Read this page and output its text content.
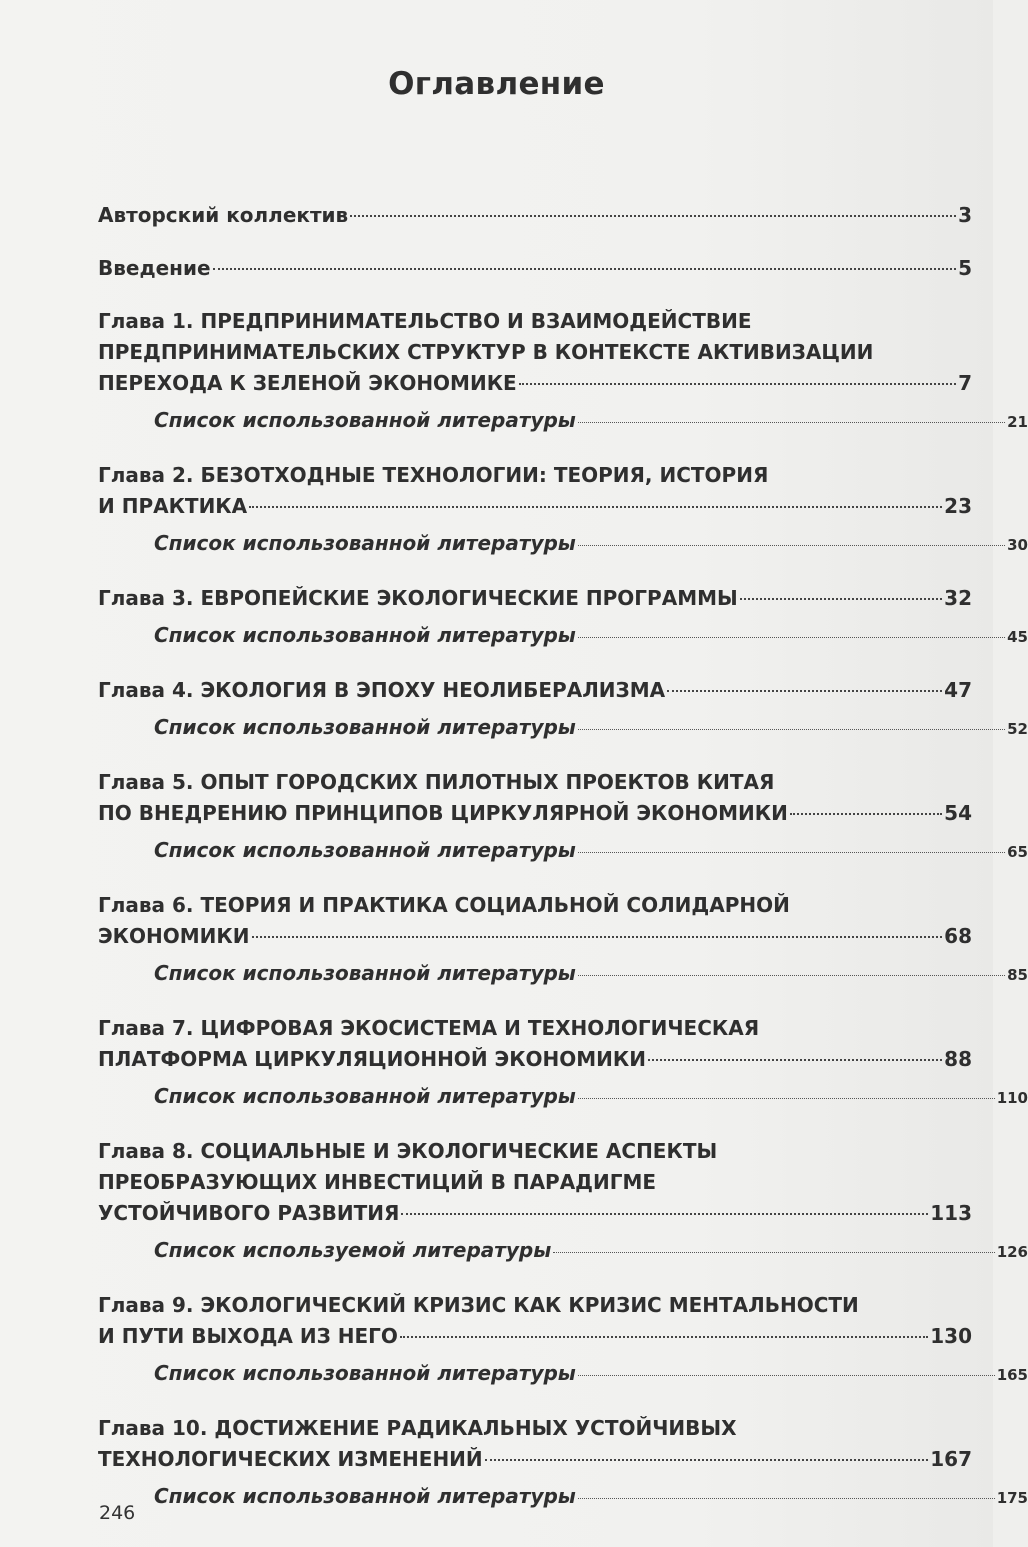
Оглавление
Авторский коллектив	3
Введение	5
Глава 1. ПРЕДПРИНИМАТЕЛЬСТВО И ВЗАИМОДЕЙСТВИЕ
ПРЕДПРИНИМАТЕЛЬСКИХ СТРУКТУР В КОНТЕКСТЕ АКТИВИЗАЦИИ
ПЕРЕХОДА К ЗЕЛЕНОЙ ЭКОНОМИКЕ	7
Список использованной литературы	21
Глава 2. БЕЗОТХОДНЫЕ ТЕХНОЛОГИИ: ТЕОРИЯ, ИСТОРИЯ
И ПРАКТИКА	23
Список использованной литературы	30
Глава 3. ЕВРОПЕЙСКИЕ ЭКОЛОГИЧЕСКИЕ ПРОГРАММЫ	32
Список использованной литературы	45
Глава 4. ЭКОЛОГИЯ В ЭПОХУ НЕОЛИБЕРАЛИЗМА	47
Список использованной литературы	52
Глава 5. ОПЫТ ГОРОДСКИХ ПИЛОТНЫХ ПРОЕКТОВ КИТАЯ
ПО ВНЕДРЕНИЮ ПРИНЦИПОВ ЦИРКУЛЯРНОЙ ЭКОНОМИКИ	54
Список использованной литературы	65
Глава 6. ТЕОРИЯ И ПРАКТИКА СОЦИАЛЬНОЙ СОЛИДАРНОЙ
ЭКОНОМИКИ	68
Список использованной литературы	85
Глава 7. ЦИФРОВАЯ ЭКОСИСТЕМА И ТЕХНОЛОГИЧЕСКАЯ
ПЛАТФОРМА ЦИРКУЛЯЦИОННОЙ ЭКОНОМИКИ	88
Список использованной литературы	110
Глава 8. СОЦИАЛЬНЫЕ И ЭКОЛОГИЧЕСКИЕ АСПЕКТЫ
ПРЕОБРАЗУЮЩИХ ИНВЕСТИЦИЙ В ПАРАДИГМЕ
УСТОЙЧИВОГО РАЗВИТИЯ	113
Список используемой литературы	126
Глава 9. ЭКОЛОГИЧЕСКИЙ КРИЗИС КАК КРИЗИС МЕНТАЛЬНОСТИ
И ПУТИ ВЫХОДА ИЗ НЕГО	130
Список использованной литературы	165
Глава 10. ДОСТИЖЕНИЕ РАДИКАЛЬНЫХ УСТОЙЧИВЫХ
ТЕХНОЛОГИЧЕСКИХ ИЗМЕНЕНИЙ	167
Список использованной литературы	175
246
